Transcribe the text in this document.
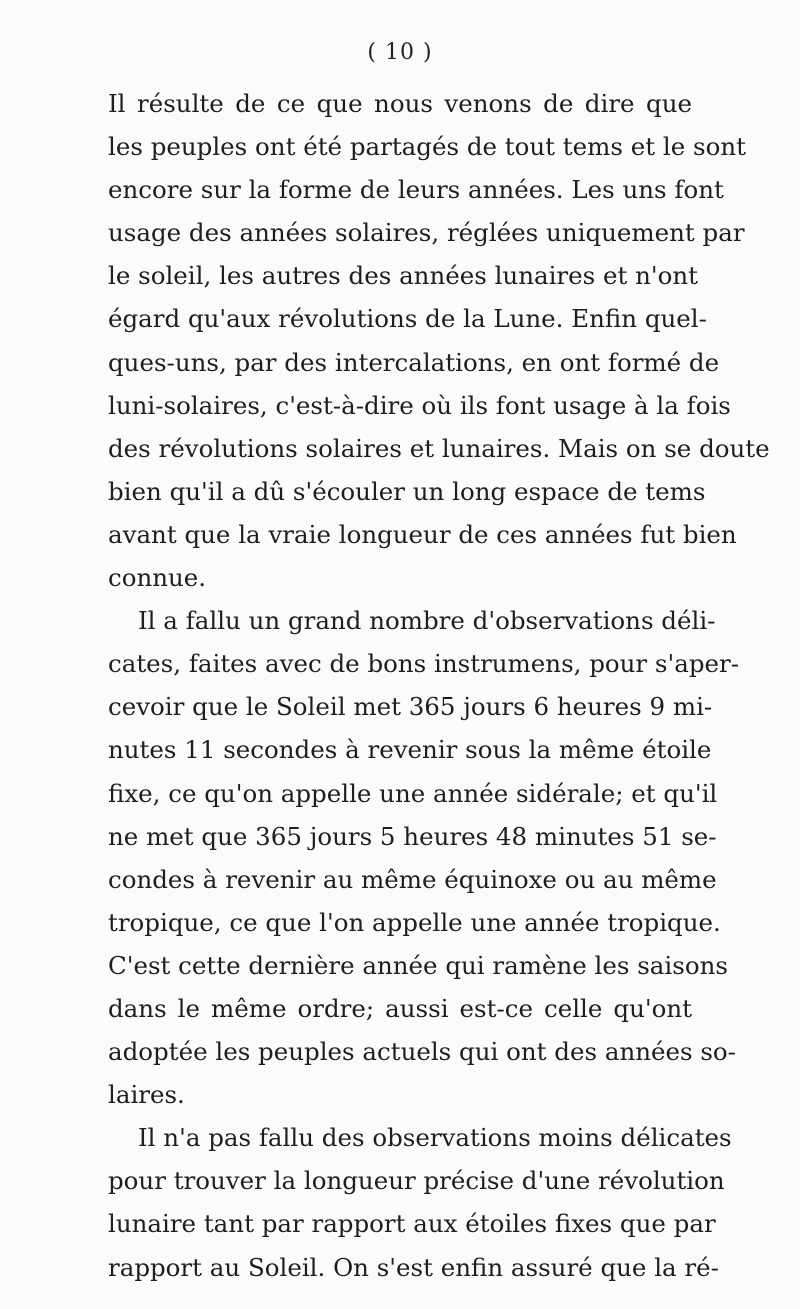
( 10 )
Il résulte de ce que nous venons de dire que
les peuples ont été partagés de tout tems et le sont
encore sur la forme de leurs années. Les uns font
usage des années solaires, réglées uniquement par
le soleil, les autres des années lunaires et n'ont
égard qu'aux révolutions de la Lune. Enfin quel-
ques-uns, par des intercalations, en ont formé de
luni-solaires, c'est-à-dire où ils font usage à la fois
des révolutions solaires et lunaires. Mais on se doute
bien qu'il a dû s'écouler un long espace de tems
avant que la vraie longueur de ces années fut bien
connue.
Il a fallu un grand nombre d'observations déli-
cates, faites avec de bons instrumens, pour s'aper-
cevoir que le Soleil met 365 jours 6 heures 9 mi-
nutes 11 secondes à revenir sous la même étoile
fixe, ce qu'on appelle une année sidérale; et qu'il
ne met que 365 jours 5 heures 48 minutes 51 se-
condes à revenir au même équinoxe ou au même
tropique, ce que l'on appelle une année tropique.
C'est cette dernière année qui ramène les saisons
dans le même ordre; aussi est-ce celle qu'ont
adoptée les peuples actuels qui ont des années so-
laires.
Il n'a pas fallu des observations moins délicates
pour trouver la longueur précise d'une révolution
lunaire tant par rapport aux étoiles fixes que par
rapport au Soleil. On s'est enfin assuré que la ré-
